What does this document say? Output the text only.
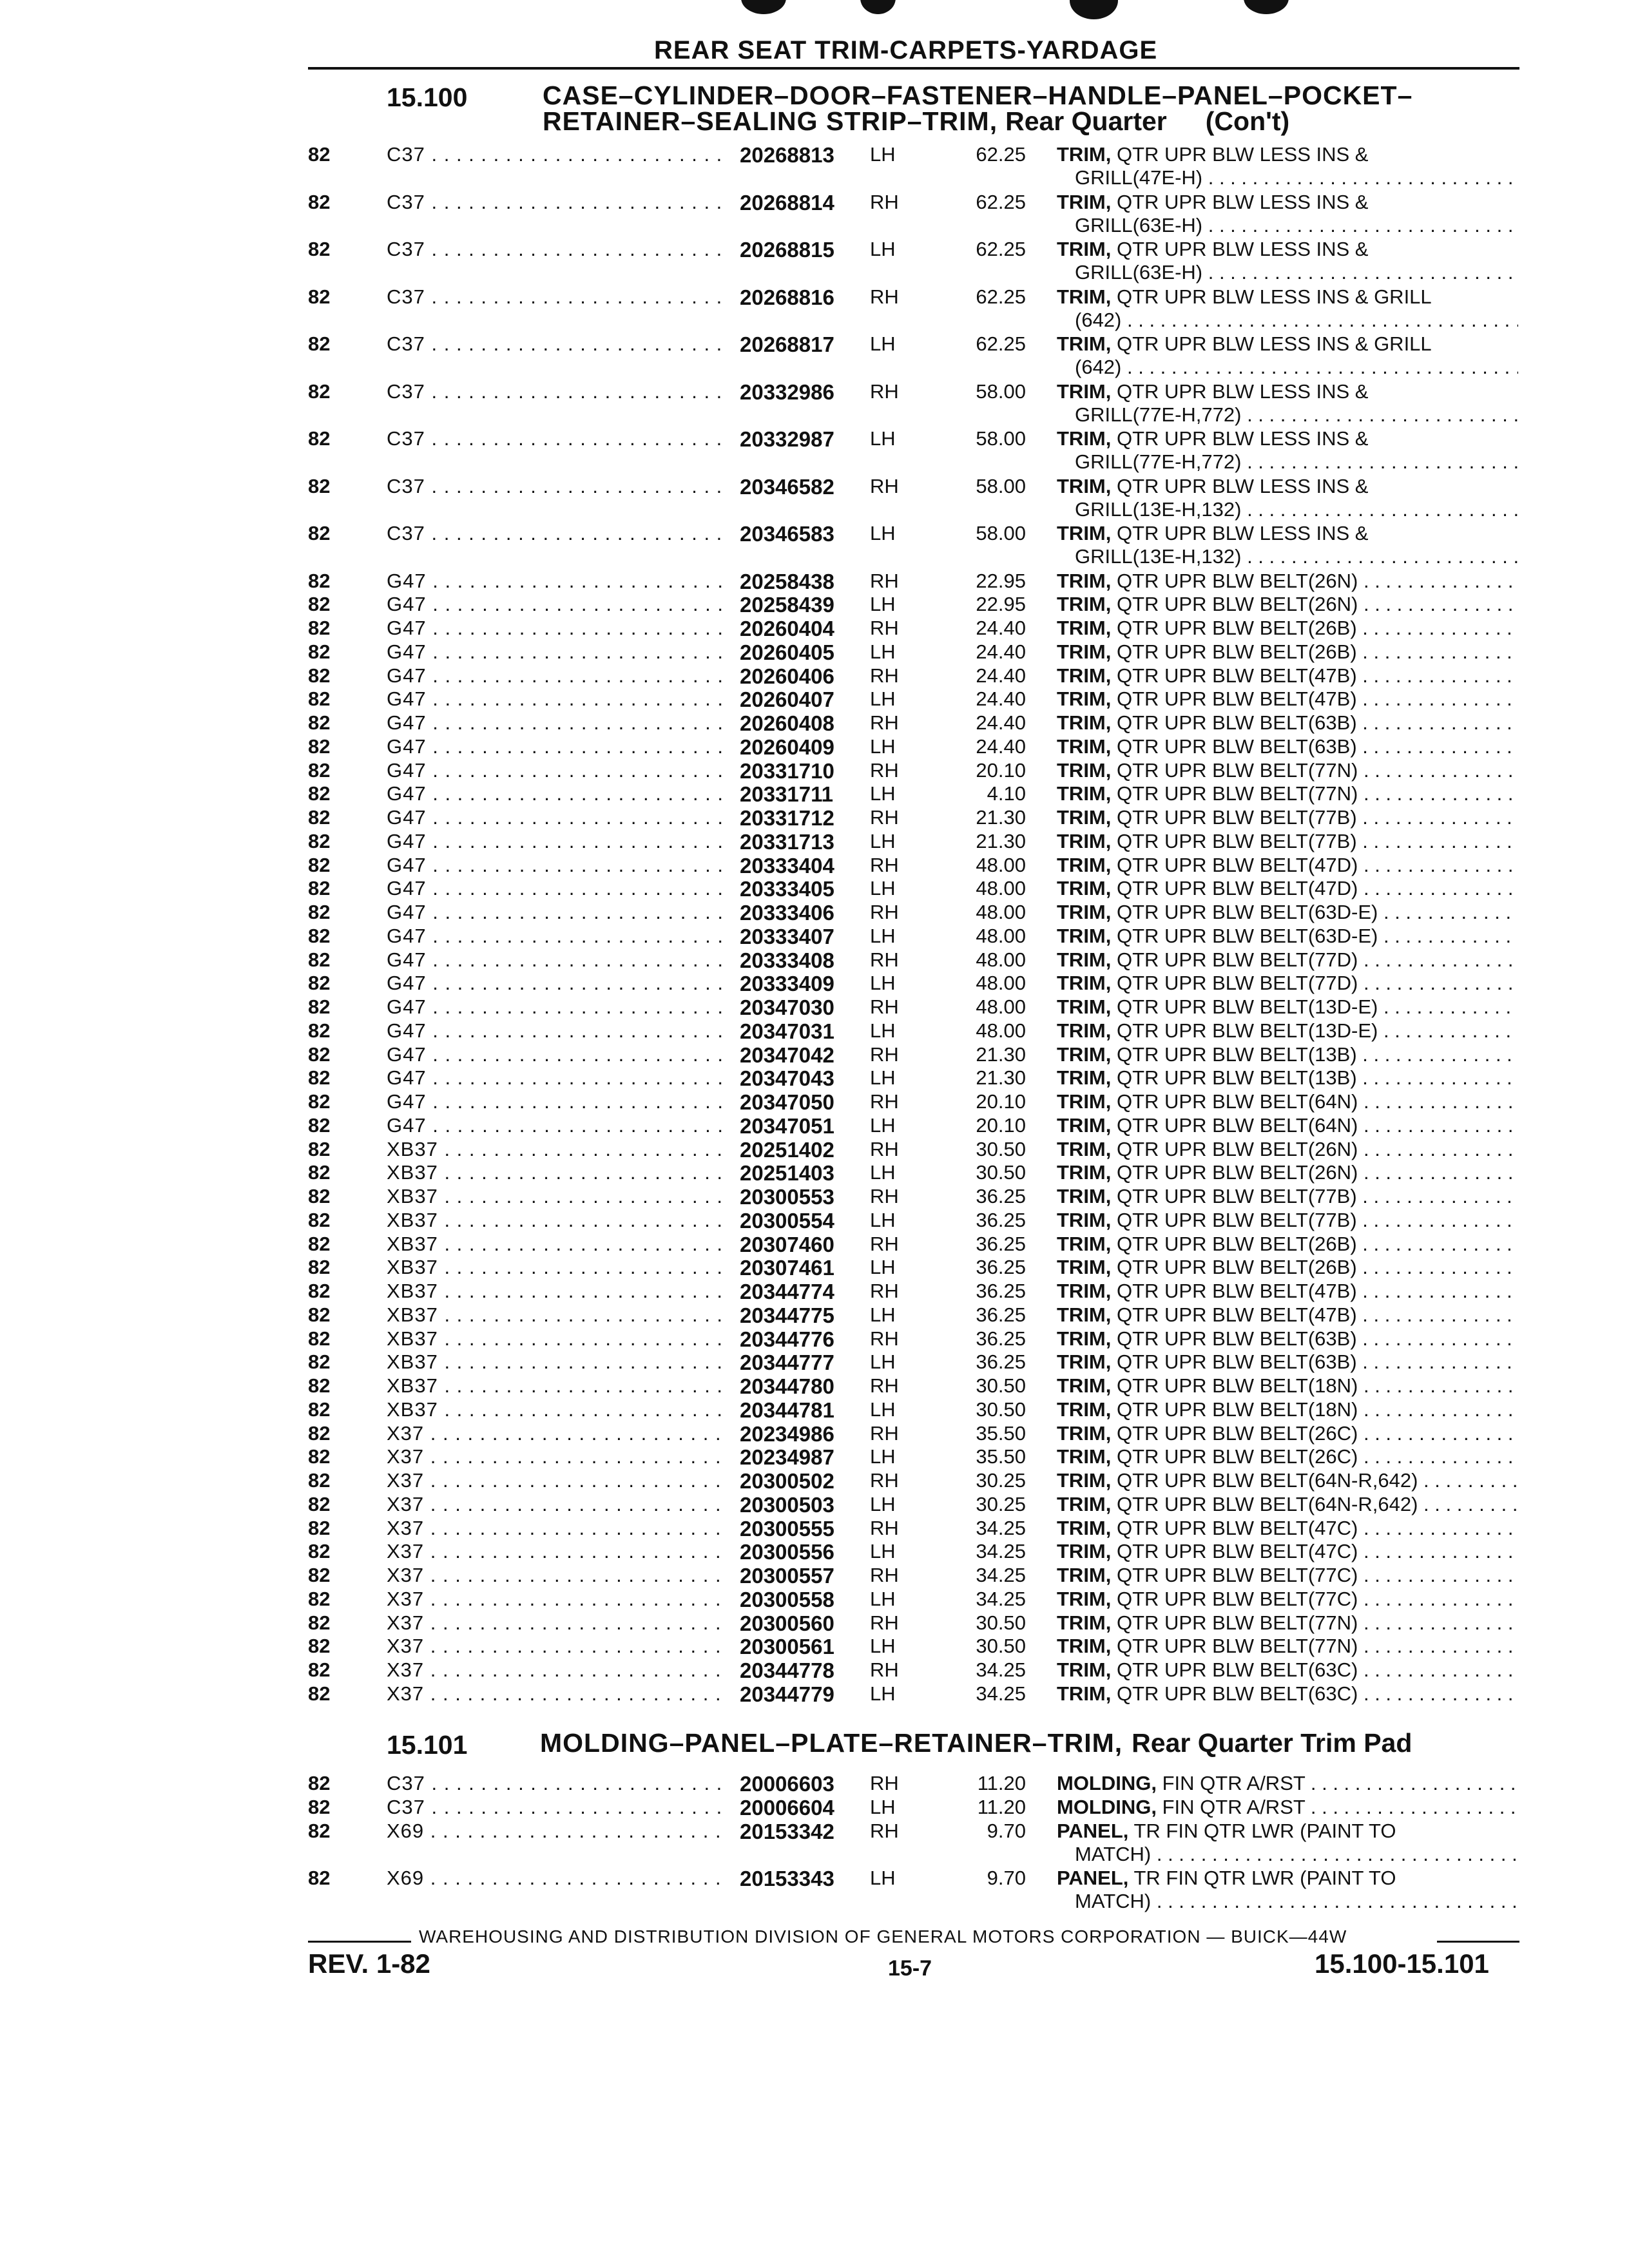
REAR SEAT TRIM-CARPETS-YARDAGE
15.100	CASE–CYLINDER–DOOR–FASTENER–HANDLE–PANEL–POCKET–
RETAINER–SEALING STRIP–TRIM, Rear Quarter (Con't)
82	C37 . . .	20268813 LH	62.25 TRIM, QTR UPR BLW LESS INS &
GRILL(47E-H) . . .
82	C37 . . .	20268814 RH	62.25 TRIM, QTR UPR BLW LESS INS &
GRILL(63E-H) . . .
82	C37 . . .	20268815 LH	62.25 TRIM, QTR UPR BLW LESS INS &
GRILL(63E-H) . . .
82	C37 . . .	20268816 RH	62.25 TRIM, QTR UPR BLW LESS INS & GRILL
(642) . . .
82	C37 . . .	20268817 LH	62.25 TRIM, QTR UPR BLW LESS INS & GRILL
(642) . . .
82	C37 . . .	20332986 RH	58.00 TRIM, QTR UPR BLW LESS INS &
GRILL(77E-H,772) . . .
82	C37 . . .	20332987 LH	58.00 TRIM, QTR UPR BLW LESS INS &
GRILL(77E-H,772) . . .
82	C37 . . .	20346582 RH	58.00 TRIM, QTR UPR BLW LESS INS &
GRILL(13E-H,132) . . .
82	C37 . . .	20346583 LH	58.00 TRIM, QTR UPR BLW LESS INS &
GRILL(13E-H,132) . . .
82	G47 . . .	20258438 RH	22.95 TRIM, QTR UPR BLW BELT(26N) . . .
82	G47 . . .	20258439 LH	22.95 TRIM, QTR UPR BLW BELT(26N) . . .
82	G47 . . .	20260404 RH	24.40 TRIM, QTR UPR BLW BELT(26B) . . .
82	G47 . . .	20260405 LH	24.40 TRIM, QTR UPR BLW BELT(26B) . . .
82	G47 . . .	20260406 RH	24.40 TRIM, QTR UPR BLW BELT(47B) . . .
82	G47 . . .	20260407 LH	24.40 TRIM, QTR UPR BLW BELT(47B) . . .
82	G47 . . .	20260408 RH	24.40 TRIM, QTR UPR BLW BELT(63B) . . .
82	G47 . . .	20260409 LH	24.40 TRIM, QTR UPR BLW BELT(63B) . . .
82	G47 . . .	20331710 RH	20.10 TRIM, QTR UPR BLW BELT(77N) . . .
82	G47 . . .	20331711 LH	4.10 TRIM, QTR UPR BLW BELT(77N) . . .
82	G47 . . .	20331712 RH	21.30 TRIM, QTR UPR BLW BELT(77B) . . .
82	G47 . . .	20331713 LH	21.30 TRIM, QTR UPR BLW BELT(77B) . . .
82	G47 . . .	20333404 RH	48.00 TRIM, QTR UPR BLW BELT(47D) . . .
82	G47 . . .	20333405 LH	48.00 TRIM, QTR UPR BLW BELT(47D) . . .
82	G47 . . .	20333406 RH	48.00 TRIM, QTR UPR BLW BELT(63D-E) . . .
82	G47 . . .	20333407 LH	48.00 TRIM, QTR UPR BLW BELT(63D-E) . . .
82	G47 . . .	20333408 RH	48.00 TRIM, QTR UPR BLW BELT(77D) . . .
82	G47 . . .	20333409 LH	48.00 TRIM, QTR UPR BLW BELT(77D) . . .
82	G47 . . .	20347030 RH	48.00 TRIM, QTR UPR BLW BELT(13D-E) . . .
82	G47 . . .	20347031 LH	48.00 TRIM, QTR UPR BLW BELT(13D-E) . . .
82	G47 . . .	20347042 RH	21.30 TRIM, QTR UPR BLW BELT(13B) . . .
82	G47 . . .	20347043 LH	21.30 TRIM, QTR UPR BLW BELT(13B) . . .
82	G47 . . .	20347050 RH	20.10 TRIM, QTR UPR BLW BELT(64N) . . .
82	G47 . . .	20347051 LH	20.10 TRIM, QTR UPR BLW BELT(64N) . . .
82	XB37 . . .	20251402 RH	30.50 TRIM, QTR UPR BLW BELT(26N) . . .
82	XB37 . . .	20251403 LH	30.50 TRIM, QTR UPR BLW BELT(26N) . . .
82	XB37 . . .	20300553 RH	36.25 TRIM, QTR UPR BLW BELT(77B) . . .
82	XB37 . . .	20300554 LH	36.25 TRIM, QTR UPR BLW BELT(77B) . . .
82	XB37 . . .	20307460 RH	36.25 TRIM, QTR UPR BLW BELT(26B) . . .
82	XB37 . . .	20307461 LH	36.25 TRIM, QTR UPR BLW BELT(26B) . . .
82	XB37 . . .	20344774 RH	36.25 TRIM, QTR UPR BLW BELT(47B) . . .
82	XB37 . . .	20344775 LH	36.25 TRIM, QTR UPR BLW BELT(47B) . . .
82	XB37 . . .	20344776 RH	36.25 TRIM, QTR UPR BLW BELT(63B) . . .
82	XB37 . . .	20344777 LH	36.25 TRIM, QTR UPR BLW BELT(63B) . . .
82	XB37 . . .	20344780 RH	30.50 TRIM, QTR UPR BLW BELT(18N) . . .
82	XB37 . . .	20344781 LH	30.50 TRIM, QTR UPR BLW BELT(18N) . . .
82	X37 . . .	20234986 RH	35.50 TRIM, QTR UPR BLW BELT(26C) . . .
82	X37 . . .	20234987 LH	35.50 TRIM, QTR UPR BLW BELT(26C) . . .
82	X37 . . .	20300502 RH	30.25 TRIM, QTR UPR BLW BELT(64N-R,642) . . .
82	X37 . . .	20300503 LH	30.25 TRIM, QTR UPR BLW BELT(64N-R,642) . . .
82	X37 . . .	20300555 RH	34.25 TRIM, QTR UPR BLW BELT(47C) . . .
82	X37 . . .	20300556 LH	34.25 TRIM, QTR UPR BLW BELT(47C) . . .
82	X37 . . .	20300557 RH	34.25 TRIM, QTR UPR BLW BELT(77C) . . .
82	X37 . . .	20300558 LH	34.25 TRIM, QTR UPR BLW BELT(77C) . . .
82	X37 . . .	20300560 RH	30.50 TRIM, QTR UPR BLW BELT(77N) . . .
82	X37 . . .	20300561 LH	30.50 TRIM, QTR UPR BLW BELT(77N) . . .
82	X37 . . .	20344778 RH	34.25 TRIM, QTR UPR BLW BELT(63C) . . .
82	X37 . . .	20344779 LH	34.25 TRIM, QTR UPR BLW BELT(63C) . . .
15.101	MOLDING–PANEL–PLATE–RETAINER–TRIM, Rear Quarter Trim Pad
82	C37 . . .	20006603 RH	11.20 MOLDING, FIN QTR A/RST . . .
82	C37 . . .	20006604 LH	11.20 MOLDING, FIN QTR A/RST . . .
82	X69 . . .	20153342 RH	9.70 PANEL, TR FIN QTR LWR (PAINT TO
MATCH) . . .
82	X69 . . .	20153343 LH	9.70 PANEL, TR FIN QTR LWR (PAINT TO
MATCH) . . .
WAREHOUSING AND DISTRIBUTION DIVISION OF GENERAL MOTORS CORPORATION — BUICK—44W
REV. 1-82	15-7	15.100-15.101
